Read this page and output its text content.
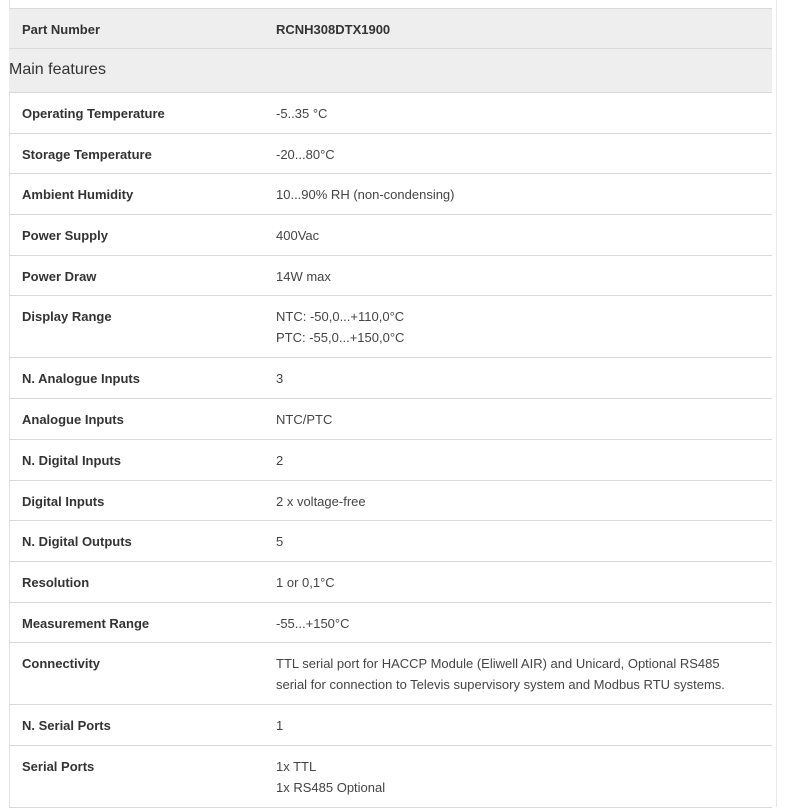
Part Number	RCNH308DTX1900
Main features	
Operating Temperature	-5..35 °C

Storage Temperature	-20...80°C

Ambient Humidity	10...90% RH (non-condensing)

Power Supply	400Vac

Power Draw	14W max

Display Range	NTC: -50,0...+110,0°C
PTC: -55,0...+150,0°C

N. Analogue Inputs	3

Analogue Inputs	NTC/PTC

N. Digital Inputs	2

Digital Inputs	2 x voltage-free

N. Digital Outputs	5

Resolution	1 or 0,1°C

Measurement Range	-55...+150°C

Connectivity	TTL serial port for HACCP Module (Eliwell AIR) and Unicard, Optional RS485
serial for connection to Televis supervisory system and Modbus RTU systems.

N. Serial Ports	1

Serial Ports	1x TTL
1x RS485 Optional
